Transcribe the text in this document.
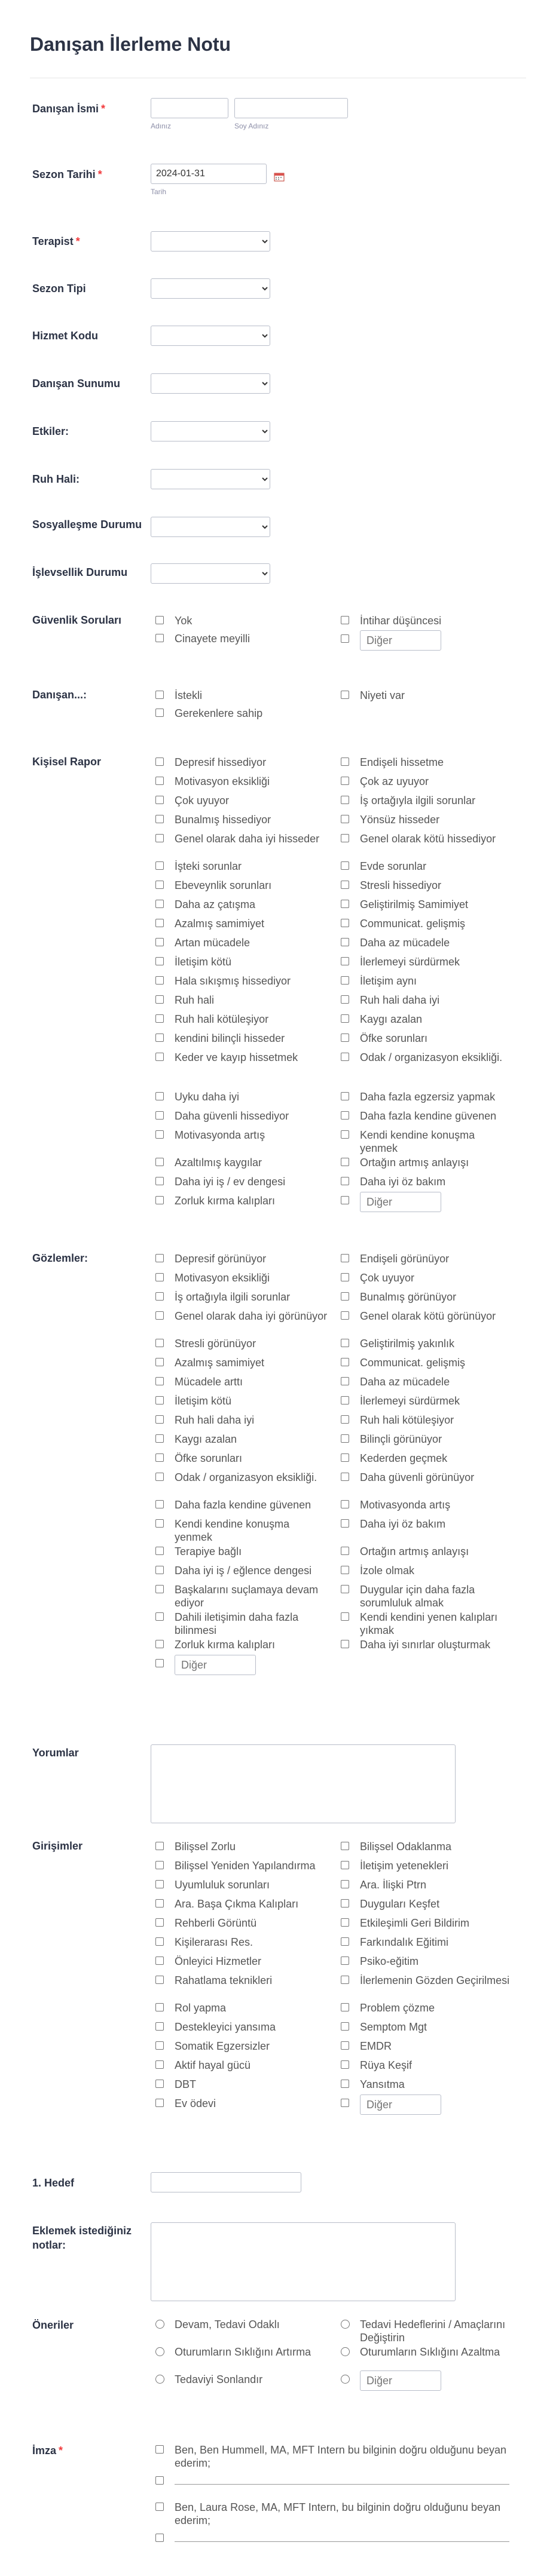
Danışan İlerleme Notu
Danışan İsmi *
Adınız	Soy Adınız
Sezon Tarihi *
2024-01-31
Tarih
Terapist *
Sezon Tipi
Hizmet Kodu
Danışan Sunumu
Etkiler:
Ruh Hali:
Sosyalleşme Durumu
İşlevsellik Durumu
Güvenlik Soruları	Yok
Cinayete meyilli
İntihar düşüncesi
Diğer
Danışan...:	İstekli
Gerekenlere sahip
Niyeti var
Kişisel Rapor	Depresif hissediyor
Motivasyon eksikliği
Çok uyuyor
Bunalmış hissediyor
Genel olarak daha iyi hisseder
İşteki sorunlar
Ebeveynlik sorunları
Daha az çatışma
Azalmış samimiyet
Artan mücadele
İletişim kötü
Hala sıkışmış hissediyor
Ruh hali
Ruh hali kötüleşiyor
kendini bilinçli hisseder
Keder ve kayıp hissetmek
Uyku daha iyi
Daha güvenli hissediyor
Motivasyonda artış
Azaltılmış kaygılar
Daha iyi iş / ev dengesi
Zorluk kırma kalıpları
Endişeli hissetme
Çok az uyuyor
İş ortağıyla ilgili sorunlar
Yönsüz hisseder
Genel olarak kötü hissediyor
Evde sorunlar
Stresli hissediyor
Geliştirilmiş Samimiyet
Communicat. gelişmiş
Daha az mücadele
İlerlemeyi sürdürmek
İletişim aynı
Ruh hali daha iyi
Kaygı azalan
Öfke sorunları
Odak / organizasyon eksikliği.
Daha fazla egzersiz yapmak
Daha fazla kendine güvenen
Kendi kendine konuşma yenmek
Ortağın artmış anlayışı
Daha iyi öz bakım
Diğer
Gözlemler:	Depresif görünüyor
Motivasyon eksikliği
İş ortağıyla ilgili sorunlar
Genel olarak daha iyi görünüyor
Stresli görünüyor
Azalmış samimiyet
Mücadele arttı
İletişim kötü
Ruh hali daha iyi
Kaygı azalan
Öfke sorunları
Odak / organizasyon eksikliği.
Daha fazla kendine güvenen
Kendi kendine konuşma yenmek
Terapiye bağlı
Daha iyi iş / eğlence dengesi
Başkalarını suçlamaya devam ediyor
Dahili iletişimin daha fazla bilinmesi
Zorluk kırma kalıpları
Endişeli görünüyor
Çok uyuyor
Bunalmış görünüyor
Genel olarak kötü görünüyor
Geliştirilmiş yakınlık
Communicat. gelişmiş
Daha az mücadele
İlerlemeyi sürdürmek
Ruh hali kötüleşiyor
Bilinçli görünüyor
Kederden geçmek
Daha güvenli görünüyor
Motivasyonda artış
Daha iyi öz bakım
Ortağın artmış anlayışı
İzole olmak
Duygular için daha fazla sorumluluk almak
Kendi kendini yenen kalıpları yıkmak
Daha iyi sınırlar oluşturmak
Diğer
Girişimler	Bilişsel Zorlu
Bilişsel Yeniden Yapılandırma
Uyumluluk sorunları
Ara. Başa Çıkma Kalıpları
Rehberli Görüntü
Kişilerarası Res.
Önleyici Hizmetler
Rahatlama teknikleri
Rol yapma
Destekleyici yansıma
Somatik Egzersizler
Aktif hayal gücü
DBT
Ev ödevi
Bilişsel Odaklanma
İletişim yetenekleri
Ara. İlişki Ptrn
Duyguları Keşfet
Etkileşimli Geri Bildirim
Farkındalık Eğitimi
Psiko-eğitim
İlerlemenin Gözden Geçirilmesi
Problem çözme
Semptom Mgt
EMDR
Rüya Keşif
Yansıtma
Diğer
Öneriler	Devam, Tedavi Odaklı
Oturumların Sıklığını Artırma
Tedaviyi Sonlandır
Tedavi Hedeflerini / Amaçlarını Değiştirin
Oturumların Sıklığını Azaltma
Diğer
İmza *	Ben, Ben Hummell, MA, MFT Intern bu bilginin doğru olduğunu beyan ederim;
Ben, Laura Rose, MA, MFT Intern, bu bilginin doğru olduğunu beyan ederim;
Yorumlar
1. Hedef
Eklemek istediğiniz notlar:
